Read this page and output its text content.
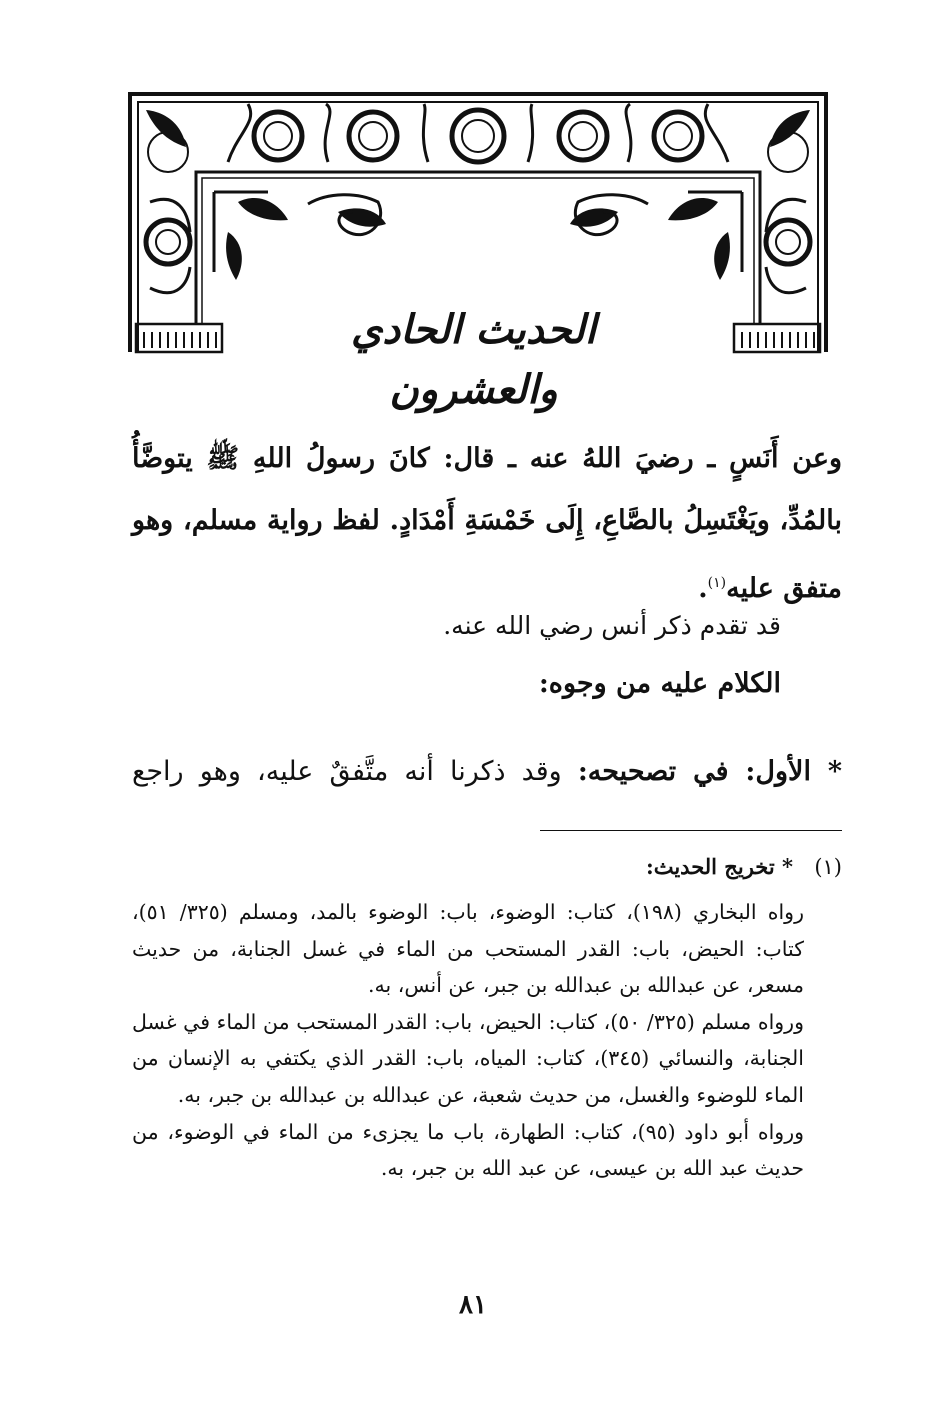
الحديث الحادي والعشرون

وعن أَنَسٍ ـ رضيَ اللهُ عنه ـ قال: كانَ رسولُ اللهِ ﷺ يتوضَّأُ بالمُدِّ، ويَغْتَسِلُ بالصَّاعِ، إِلَى خَمْسَةِ أَمْدَادٍ. لفظ رواية مسلم، وهو متفق عليه$^{(١)}$.

قد تقدم ذكر أنس رضي الله عنه.
الكلام عليه من وجوه:
* الأول: في تصحيحه: وقد ذكرنا أنه متَّفقٌ عليه، وهو راجع
(١) * تخريج الحديث:

رواه البخاري (١٩٨)، كتاب: الوضوء، باب: الوضوء بالمد، ومسلم (٣٢٥/ ٥١)، كتاب: الحيض، باب: القدر المستحب من الماء في غسل الجنابة، من حديث مسعر، عن عبدالله بن عبدالله بن جبر، عن أنس، به.

ورواه مسلم (٣٢٥/ ٥٠)، كتاب: الحيض، باب: القدر المستحب من الماء في غسل الجنابة، والنسائي (٣٤٥)، كتاب: المياه، باب: القدر الذي يكتفي به الإنسان من الماء للوضوء والغسل، من حديث شعبة، عن عبدالله بن عبدالله بن جبر، به.

ورواه أبو داود (٩٥)، كتاب: الطهارة، باب ما يجزىء من الماء في الوضوء، من حديث عبد الله بن عيسى، عن عبد الله بن جبر، به.

٨١
